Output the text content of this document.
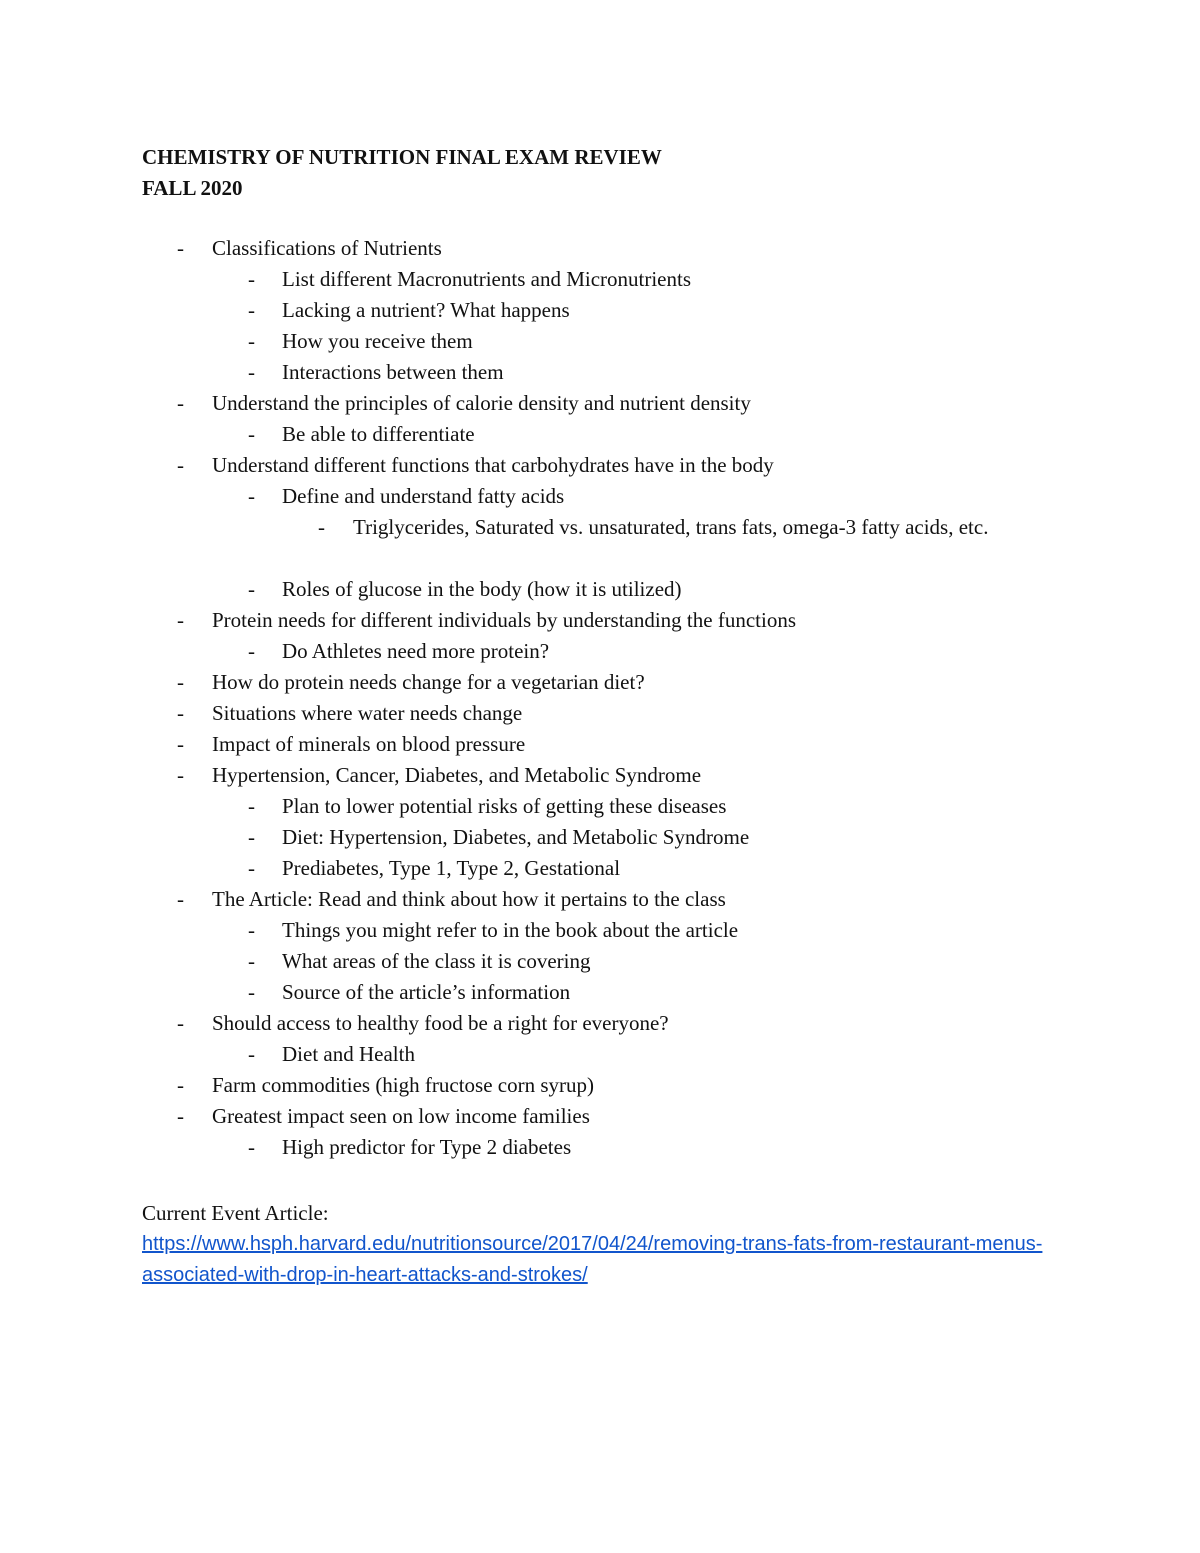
CHEMISTRY OF NUTRITION FINAL EXAM REVIEW
FALL 2020
- Classifications of Nutrients
- List different Macronutrients and Micronutrients
- Lacking a nutrient? What happens
- How you receive them
- Interactions between them
- Understand the principles of calorie density and nutrient density
- Be able to differentiate
- Understand different functions that carbohydrates have in the body
- Define and understand fatty acids
- Triglycerides, Saturated vs. unsaturated, trans fats, omega-3 fatty acids, etc.
- Roles of glucose in the body (how it is utilized)
- Protein needs for different individuals by understanding the functions
- Do Athletes need more protein?
- How do protein needs change for a vegetarian diet?
- Situations where water needs change
- Impact of minerals on blood pressure
- Hypertension, Cancer, Diabetes, and Metabolic Syndrome
- Plan to lower potential risks of getting these diseases
- Diet: Hypertension, Diabetes, and Metabolic Syndrome
- Prediabetes, Type 1, Type 2, Gestational
- The Article: Read and think about how it pertains to the class
- Things you might refer to in the book about the article
- What areas of the class it is covering
- Source of the article’s information
- Should access to healthy food be a right for everyone?
- Diet and Health
- Farm commodities (high fructose corn syrup)
- Greatest impact seen on low income families
- High predictor for Type 2 diabetes
Current Event Article:
https://www.hsph.harvard.edu/nutritionsource/2017/04/24/removing-trans-fats-from-restaurant-menus-associated-with-drop-in-heart-attacks-and-strokes/
